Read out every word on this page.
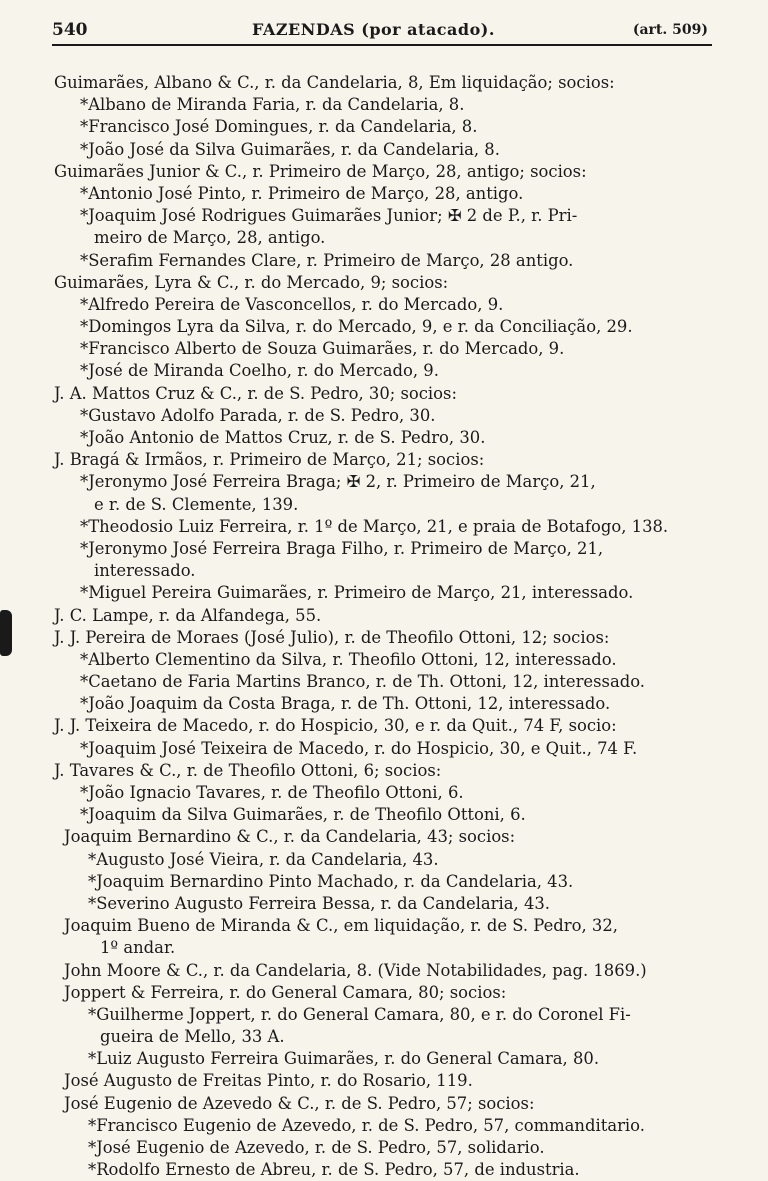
540	FAZENDAS (por atacado).	(art. 509)
Guimarães, Albano & C., r. da Candelaria, 8, Em liquidação; socios:
*Albano de Miranda Faria, r. da Candelaria, 8.
*Francisco José Domingues, r. da Candelaria, 8.
*João José da Silva Guimarães, r. da Candelaria, 8.
Guimarães Junior & C., r. Primeiro de Março, 28, antigo; socios:
*Antonio José Pinto, r. Primeiro de Março, 28, antigo.
*Joaquim José Rodrigues Guimarães Junior; ✠ 2 de P., r. Pri-
meiro de Março, 28, antigo.
*Serafim Fernandes Clare, r. Primeiro de Março, 28 antigo.
Guimarães, Lyra & C., r. do Mercado, 9; socios:
*Alfredo Pereira de Vasconcellos, r. do Mercado, 9.
*Domingos Lyra da Silva, r. do Mercado, 9, e r. da Conciliação, 29.
*Francisco Alberto de Souza Guimarães, r. do Mercado, 9.
*José de Miranda Coelho, r. do Mercado, 9.
J. A. Mattos Cruz & C., r. de S. Pedro, 30; socios:
*Gustavo Adolfo Parada, r. de S. Pedro, 30.
*João Antonio de Mattos Cruz, r. de S. Pedro, 30.
J. Bragá & Irmãos, r. Primeiro de Março, 21; socios:
*Jeronymo José Ferreira Braga; ✠ 2, r. Primeiro de Março, 21,
e r. de S. Clemente, 139.
*Theodosio Luiz Ferreira, r. 1º de Março, 21, e praia de Botafogo, 138.
*Jeronymo José Ferreira Braga Filho, r. Primeiro de Março, 21,
interessado.
*Miguel Pereira Guimarães, r. Primeiro de Março, 21, interessado.
J. C. Lampe, r. da Alfandega, 55.
J. J. Pereira de Moraes (José Julio), r. de Theofilo Ottoni, 12; socios:
*Alberto Clementino da Silva, r. Theofilo Ottoni, 12, interessado.
*Caetano de Faria Martins Branco, r. de Th. Ottoni, 12, interessado.
*João Joaquim da Costa Braga, r. de Th. Ottoni, 12, interessado.
J. J. Teixeira de Macedo, r. do Hospicio, 30, e r. da Quit., 74 F, socio:
*Joaquim José Teixeira de Macedo, r. do Hospicio, 30, e Quit., 74 F.
J. Tavares & C., r. de Theofilo Ottoni, 6; socios:
*João Ignacio Tavares, r. de Theofilo Ottoni, 6.
*Joaquim da Silva Guimarães, r. de Theofilo Ottoni, 6.
Joaquim Bernardino & C., r. da Candelaria, 43; socios:
*Augusto José Vieira, r. da Candelaria, 43.
*Joaquim Bernardino Pinto Machado, r. da Candelaria, 43.
*Severino Augusto Ferreira Bessa, r. da Candelaria, 43.
Joaquim Bueno de Miranda & C., em liquidação, r. de S. Pedro, 32,
1º andar.
John Moore & C., r. da Candelaria, 8. (Vide Notabilidades, pag. 1869.)
Joppert & Ferreira, r. do General Camara, 80; socios:
*Guilherme Joppert, r. do General Camara, 80, e r. do Coronel Fi-
gueira de Mello, 33 A.
*Luiz Augusto Ferreira Guimarães, r. do General Camara, 80.
José Augusto de Freitas Pinto, r. do Rosario, 119.
José Eugenio de Azevedo & C., r. de S. Pedro, 57; socios:
*Francisco Eugenio de Azevedo, r. de S. Pedro, 57, commanditario.
*José Eugenio de Azevedo, r. de S. Pedro, 57, solidario.
*Rodolfo Ernesto de Abreu, r. de S. Pedro, 57, de industria.
